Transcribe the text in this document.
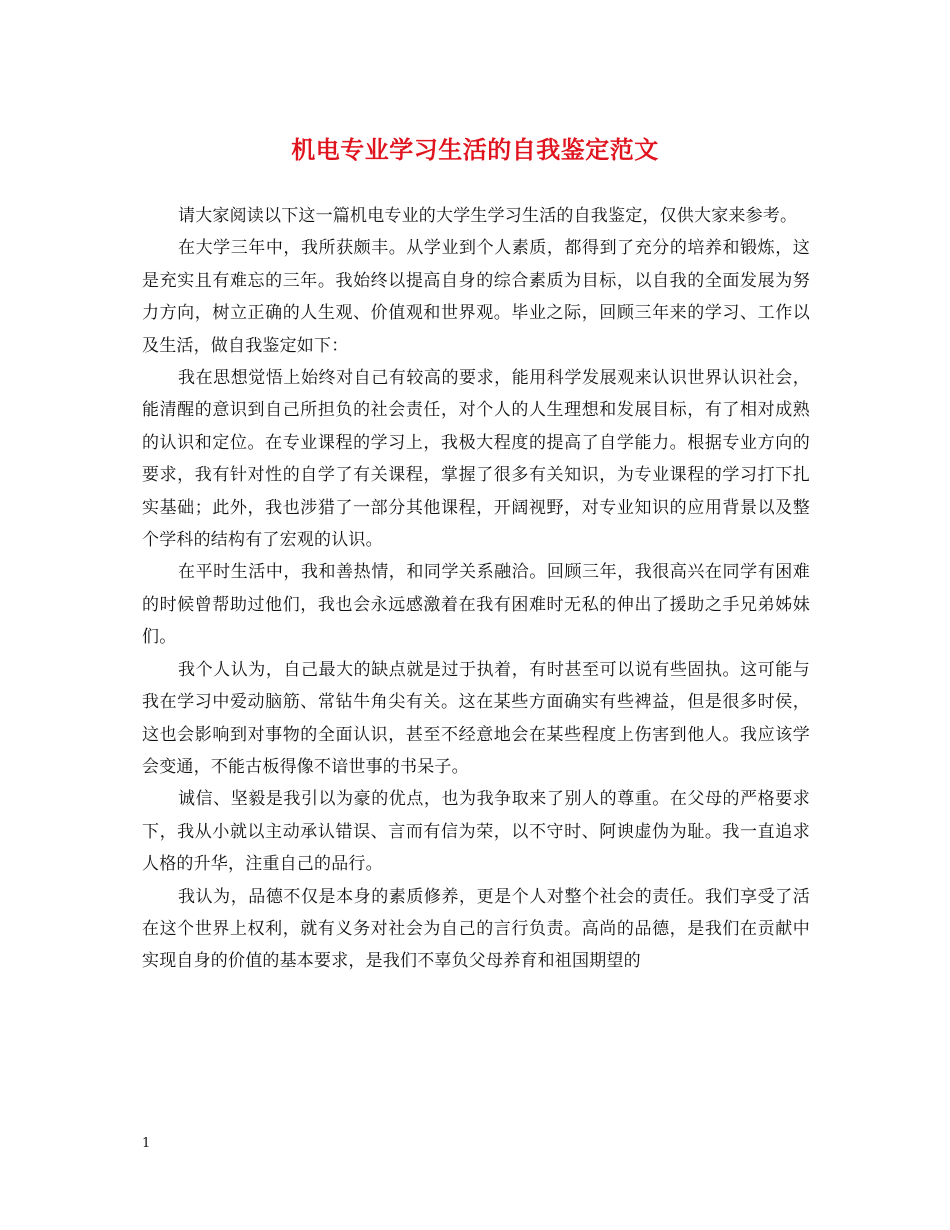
机电专业学习生活的自我鉴定范文

请大家阅读以下这一篇机电专业的大学生学习生活的自我鉴定，仅供大家来参考。

在大学三年中，我所获颇丰。从学业到个人素质，都得到了充分的培养和锻炼，这是充实且有难忘的三年。我始终以提高自身的综合素质为目标，以自我的全面发展为努力方向，树立正确的人生观、价值观和世界观。毕业之际，回顾三年来的学习、工作以及生活，做自我鉴定如下：

我在思想觉悟上始终对自己有较高的要求，能用科学发展观来认识世界认识社会，能清醒的意识到自己所担负的社会责任，对个人的人生理想和发展目标，有了相对成熟的认识和定位。在专业课程的学习上，我极大程度的提高了自学能力。根据专业方向的要求，我有针对性的自学了有关课程，掌握了很多有关知识，为专业课程的学习打下扎实基础；此外，我也涉猎了一部分其他课程，开阔视野，对专业知识的应用背景以及整个学科的结构有了宏观的认识。

在平时生活中，我和善热情，和同学关系融洽。回顾三年，我很高兴在同学有困难的时候曾帮助过他们，我也会永远感激着在我有困难时无私的伸出了援助之手兄弟姊妹们。

我个人认为，自己最大的缺点就是过于执着，有时甚至可以说有些固执。这可能与我在学习中爱动脑筋、常钻牛角尖有关。这在某些方面确实有些裨益，但是很多时侯，这也会影响到对事物的全面认识，甚至不经意地会在某些程度上伤害到他人。我应该学会变通，不能古板得像不谙世事的书呆子。

诚信、坚毅是我引以为豪的优点，也为我争取来了别人的尊重。在父母的严格要求下，我从小就以主动承认错误、言而有信为荣，以不守时、阿谀虚伪为耻。我一直追求人格的升华，注重自己的品行。

我认为，品德不仅是本身的素质修养，更是个人对整个社会的责任。我们享受了活在这个世界上权利，就有义务对社会为自己的言行负责。高尚的品德，是我们在贡献中实现自身的价值的基本要求，是我们不辜负父母养育和祖国期望的

1
